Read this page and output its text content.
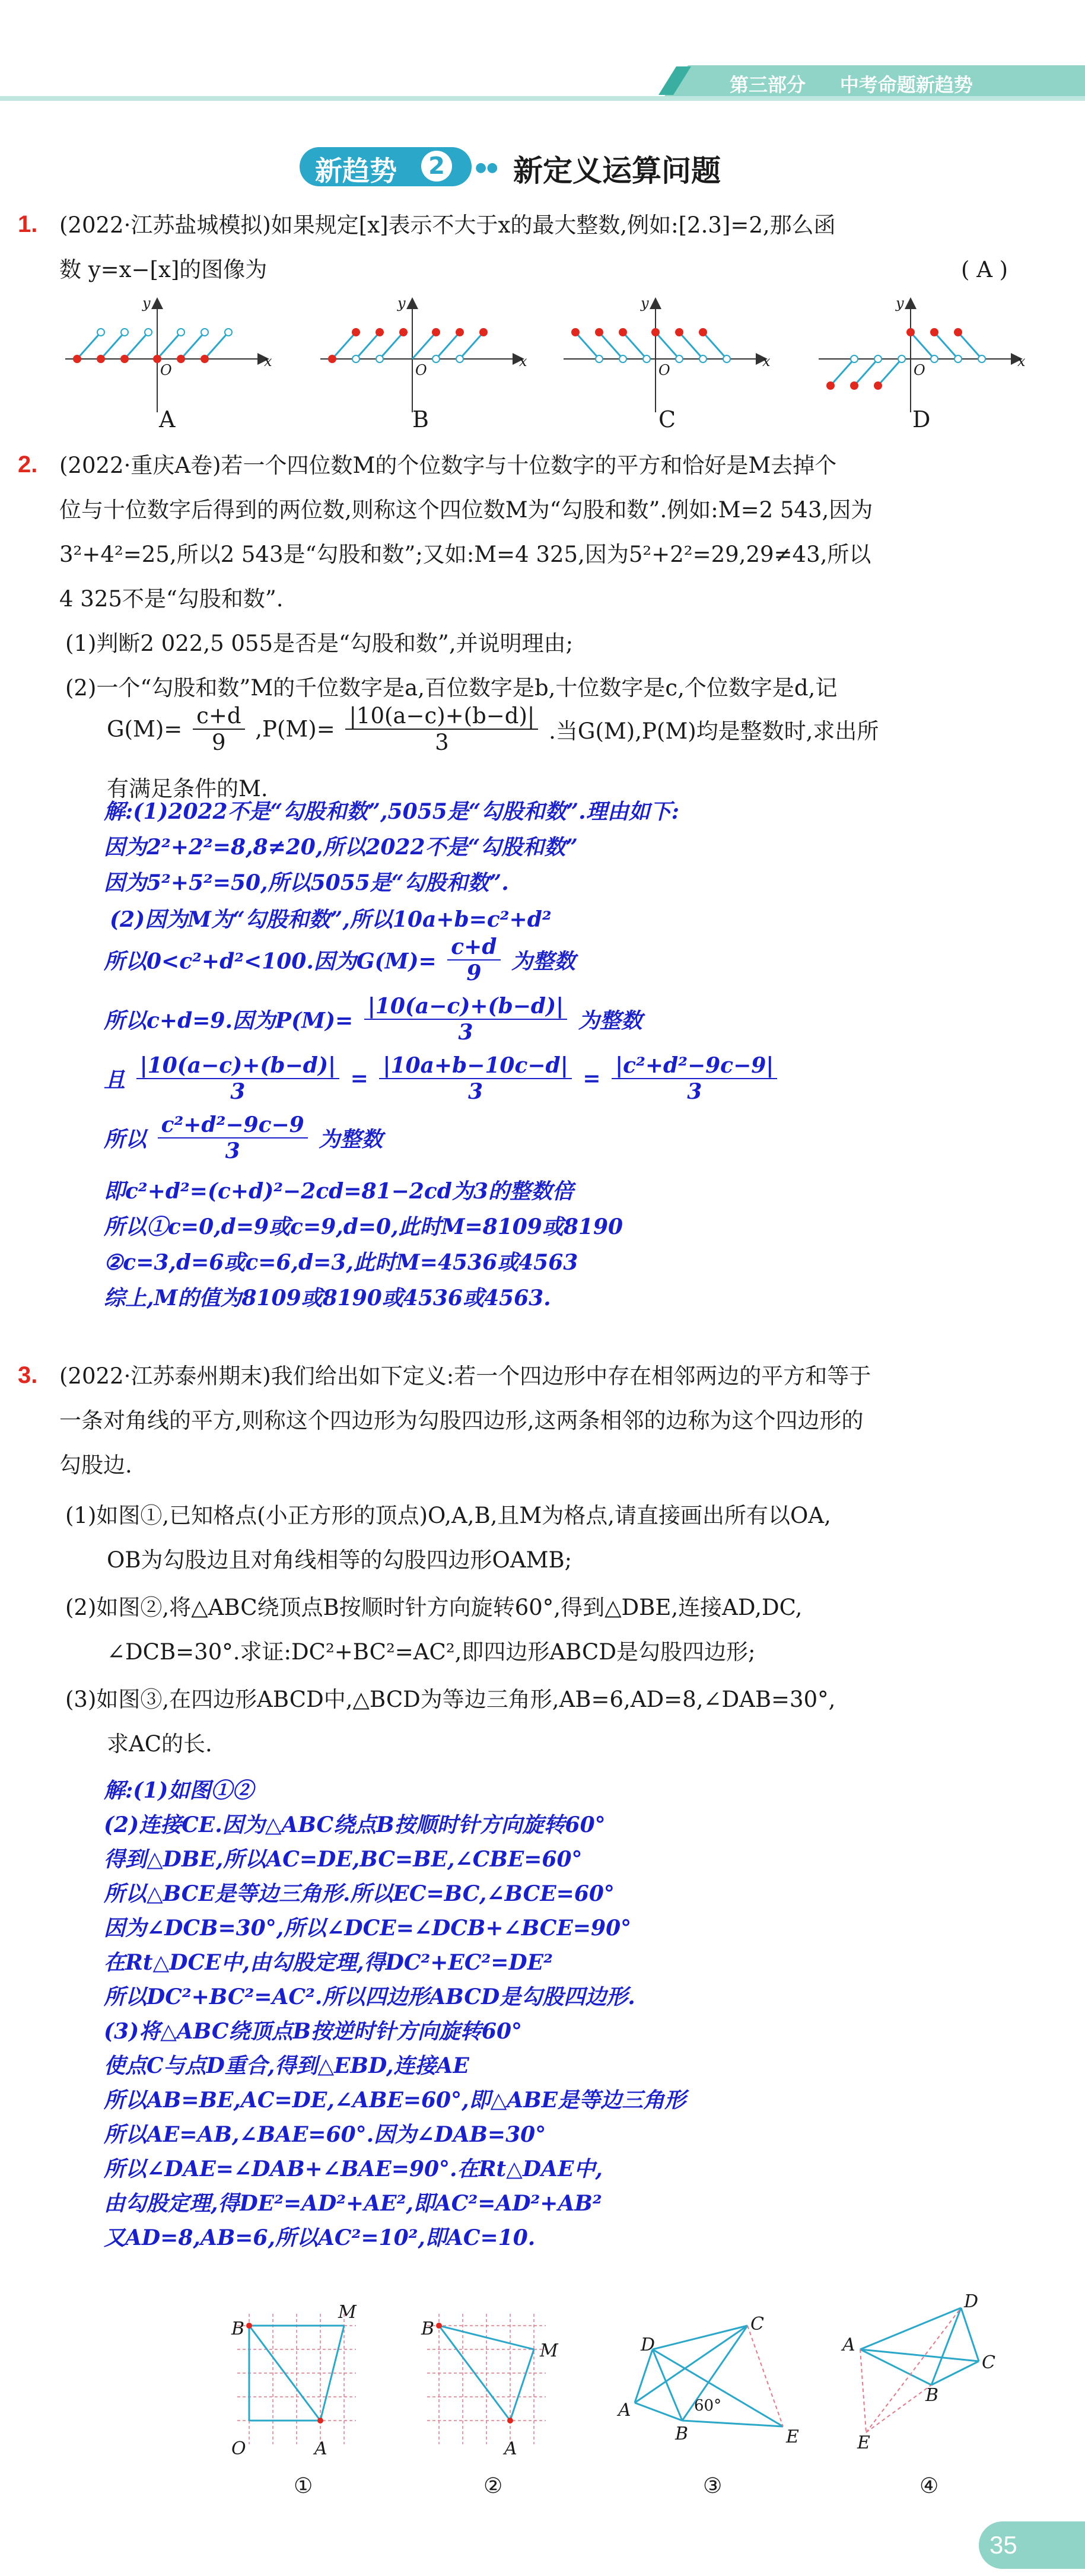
第三部分 中考命题新趋势
新趋势	2	●● 新定义运算问题
1. (2022·江苏盐城模拟)如果规定[x]表示不大于x的最大整数,例如:[2.3]=2,那么函
数 y=x−[x]的图像为	( A )
x
y
O
x
y
O
x
y
O
x
y
O
A	B	C	D
2. (2022·重庆A卷)若一个四位数M的个位数字与十位数字的平方和恰好是M去掉个
位与十位数字后得到的两位数,则称这个四位数M为“勾股和数”.例如:M=2 543,因为
3²+4²=25,所以2 543是“勾股和数”;又如:M=4 325,因为5²+2²=29,29≠43,所以
4 325不是“勾股和数”.
(1)判断2 022,5 055是否是“勾股和数”,并说明理由;
(2)一个“勾股和数”M的千位数字是a,百位数字是b,十位数字是c,个位数字是d,记
$G(M)= \frac{c+d}{9} ,P(M)= \frac{|10(a-c)+(b-d)|}{3}$ .当G(M),P(M)均是整数时,求出所
有满足条件的M.
解:(1)2022不是“勾股和数”,5055是“勾股和数”.理由如下:
因为2²+2²=8,8≠20,所以2022不是“勾股和数”
因为5²+5²=50,所以5055是“勾股和数”.
(2)因为M为“勾股和数”,所以10a+b=c²+d²
所以0<c²+d²<100.因为$G(M)= \frac{c+d}{9}$ 为整数
所以c+d=9.因为$P(M)= \frac{|10(a-c)+(b-d)|}{3}$ 为整数
且 $\frac{|10(a-c)+(b-d)|}{3} = \frac{|10a+b-10c-d|}{3} = \frac{\text{|c²+d²−9c−9|}}{3}$
所以 $\frac{\text{c²+d²−9c−9}}{3}$ 为整数
即c²+d²=(c+d)²−2cd=81−2cd为3的整数倍
所以①c=0,d=9或c=9,d=0,此时M=8109或8190
②c=3,d=6或c=6,d=3,此时M=4536或4563
综上,M的值为8109或8190或4536或4563.
3. (2022·江苏泰州期末)我们给出如下定义:若一个四边形中存在相邻两边的平方和等于
一条对角线的平方,则称这个四边形为勾股四边形,这两条相邻的边称为这个四边形的
勾股边.
(1)如图①,已知格点(小正方形的顶点)O,A,B,且M为格点,请直接画出所有以OA,
OB为勾股边且对角线相等的勾股四边形OAMB;
(2)如图②,将△ABC绕顶点B按顺时针方向旋转60°,得到△DBE,连接AD,DC,
∠DCB=30°.求证:DC²+BC²=AC²,即四边形ABCD是勾股四边形;
(3)如图③,在四边形ABCD中,△BCD为等边三角形,AB=6,AD=8,∠DAB=30°,
求AC的长.
解:(1)如图①②
(2)连接CE.因为△ABC绕点B按顺时针方向旋转60°
得到△DBE,所以AC=DE,BC=BE,∠CBE=60°
所以△BCE是等边三角形.所以EC=BC,∠BCE=60°
因为∠DCB=30°,所以∠DCE=∠DCB+∠BCE=90°
在Rt△DCE中,由勾股定理,得DC²+EC²=DE²
所以DC²+BC²=AC².所以四边形ABCD是勾股四边形.
(3)将△ABC绕顶点B按逆时针方向旋转60°
使点C与点D重合,得到△EBD,连接AE
所以AB=BE,AC=DE,∠ABE=60°,即△ABE是等边三角形
所以AE=AB,∠BAE=60°.因为∠DAB=30°
所以∠DAE=∠DAB+∠BAE=90°.在Rt△DAE中,
由勾股定理,得DE²=AD²+AE²,即AC²=AD²+AB²
又AD=8,AB=6,所以AC²=10²,即AC=10.
B
M
O	A
①
B
M
A
②
D
C
A
B	E
60°
③
A
D
C
B
E
④
35
